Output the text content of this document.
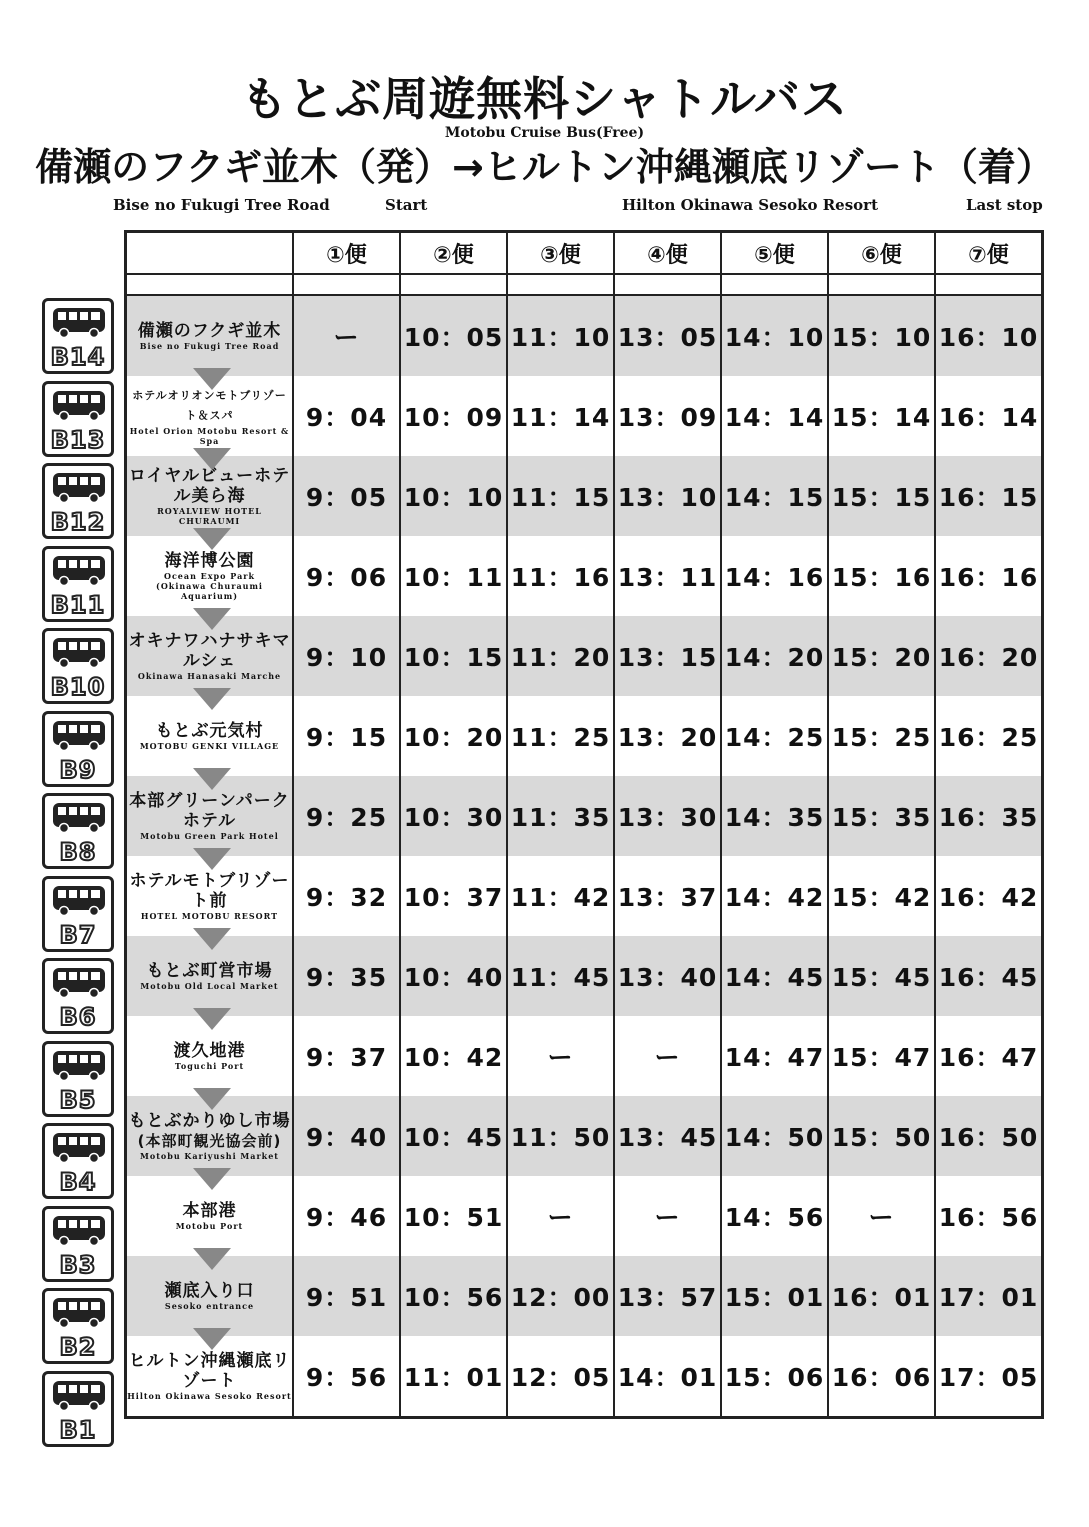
もとぶ周遊無料シャトルバス
Motobu Cruise Bus(Free)
備瀬のフクギ並木（発）→ヒルトン沖縄瀬底リゾート（着）
Bise no Fukugi Tree Road	Start	Hilton Okinawa Sesoko Resort	Last stop
B14
B13
B12
B11
B10
B9
B8
B7
B6
B5
B4
B3
B2
B1
	①便	②便	③便	④便	⑤便	⑥便	⑦便

備瀬のフクギ並木
Bise no Fukugi Tree Road	ー	10：05	11：10	13：05	14：10	15：10	16：10

ホテルオリオンモトブリゾート＆スパ
Hotel Orion Motobu Resort & Spa	9：04	10：09	11：14	13：09	14：14	15：14	16：14

ロイヤルビューホテル美ら海
ROYALVIEW HOTEL CHURAUMI	9：05	10：10	11：15	13：10	14：15	15：15	16：15

海洋博公園
Ocean Expo Park
(Okinawa Churaumi Aquarium)	9：06	10：11	11：16	13：11	14：16	15：16	16：16

オキナワハナサキマルシェ
Okinawa Hanasaki Marche	9：10	10：15	11：20	13：15	14：20	15：20	16：20

もとぶ元気村
MOTOBU GENKI VILLAGE	9：15	10：20	11：25	13：20	14：25	15：25	16：25

本部グリーンパークホテル
Motobu Green Park Hotel	9：25	10：30	11：35	13：30	14：35	15：35	16：35

ホテルモトブリゾート前
HOTEL MOTOBU RESORT	9：32	10：37	11：42	13：37	14：42	15：42	16：42

もとぶ町営市場
Motobu Old Local Market	9：35	10：40	11：45	13：40	14：45	15：45	16：45

渡久地港
Toguchi Port	9：37	10：42	ー	ー	14：47	15：47	16：47

もとぶかりゆし市場
(本部町観光協会前)
Motobu Kariyushi Market	9：40	10：45	11：50	13：45	14：50	15：50	16：50

本部港
Motobu Port	9：46	10：51	ー	ー	14：56	ー	16：56

瀬底入り口
Sesoko entrance	9：51	10：56	12：00	13：57	15：01	16：01	17：01

ヒルトン沖縄瀬底リゾート
Hilton Okinawa Sesoko Resort	9：56	11：01	12：05	14：01	15：06	16：06	17：05
